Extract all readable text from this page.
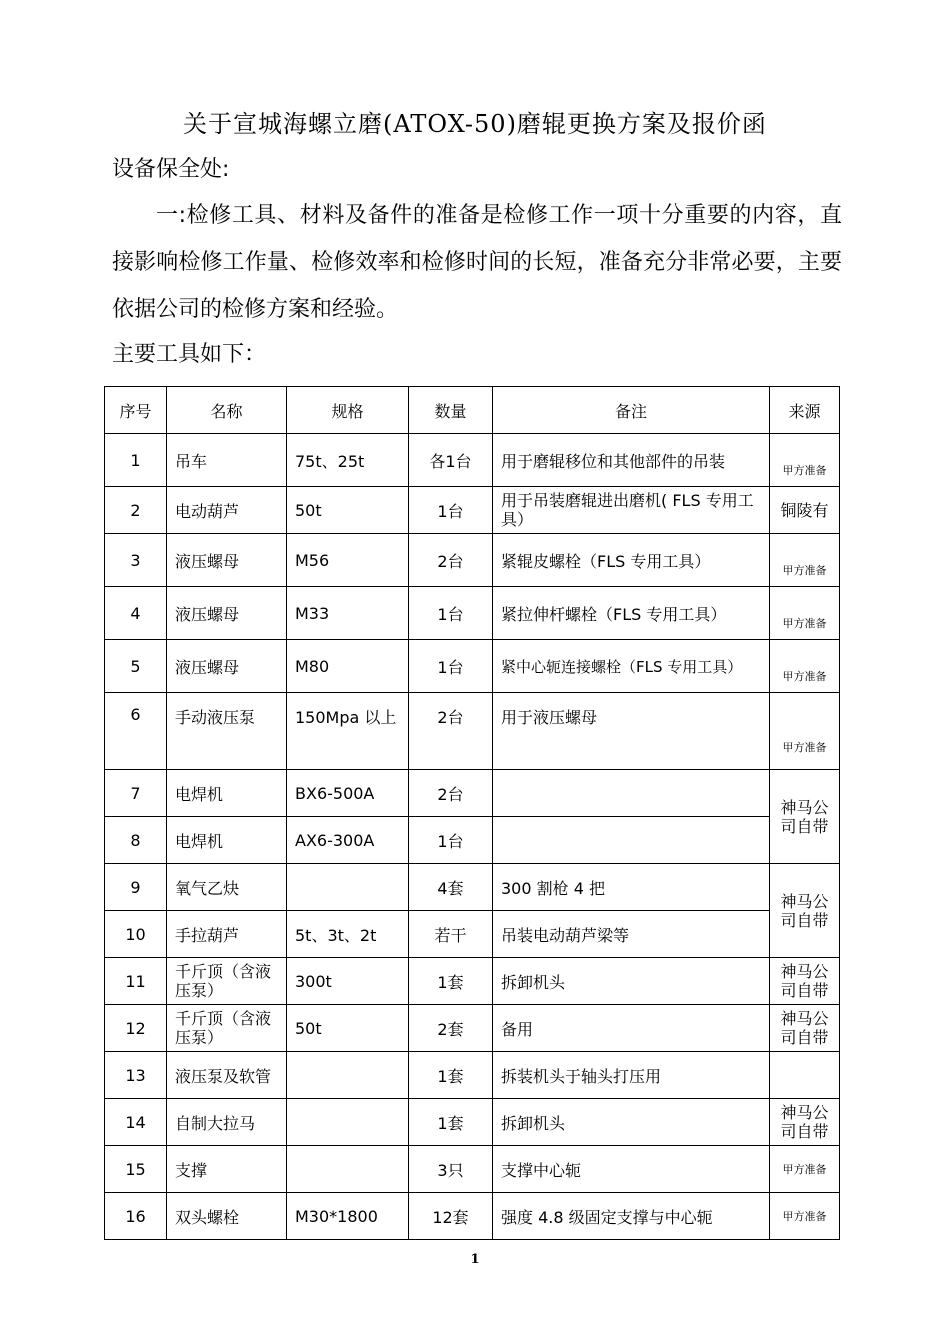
关于宣城海螺立磨(ATOX-50)磨辊更换方案及报价函
设备保全处:
一:检修工具、材料及备件的准备是检修工作一项十分重要的内容，直接影响检修工作量、检修效率和检修时间的长短，准备充分非常必要，主要依据公司的检修方案和经验。
主要工具如下：
序号	名称	规格	数量	备注	来源
1	吊车	75t、25t	各1台	用于磨辊移位和其他部件的吊装	甲方准备
2	电动葫芦	50t	1台	用于吊装磨辊进出磨机( FLS 专用工具）	铜陵有
3	液压螺母	M56	2台	紧辊皮螺栓（FLS 专用工具）	甲方准备
4	液压螺母	M33	1台	紧拉伸杆螺栓（FLS 专用工具）	甲方准备
5	液压螺母	M80	1台	紧中心轭连接螺栓（FLS 专用工具）	甲方准备
6	手动液压泵	150Mpa 以上	2台	用于液压螺母	甲方准备
7	电焊机	BX6-500A	2台		神马公司自带
8	电焊机	AX6-300A	1台		
9	氧气乙炔		4套	300 割枪 4 把	神马公司自带
10	手拉葫芦	5t、3t、2t	若干	吊装电动葫芦梁等	
11	千斤顶（含液压泵）	300t	1套	拆卸机头	神马公司自带
12	千斤顶（含液压泵）	50t	2套	备用	神马公司自带
13	液压泵及软管		1套	拆装机头于轴头打压用	
14	自制大拉马		1套	拆卸机头	神马公司自带
15	支撑		3只	支撑中心轭	甲方准备
16	双头螺栓	M30*1800	12套	强度 4.8 级固定支撑与中心轭	甲方准备
1
